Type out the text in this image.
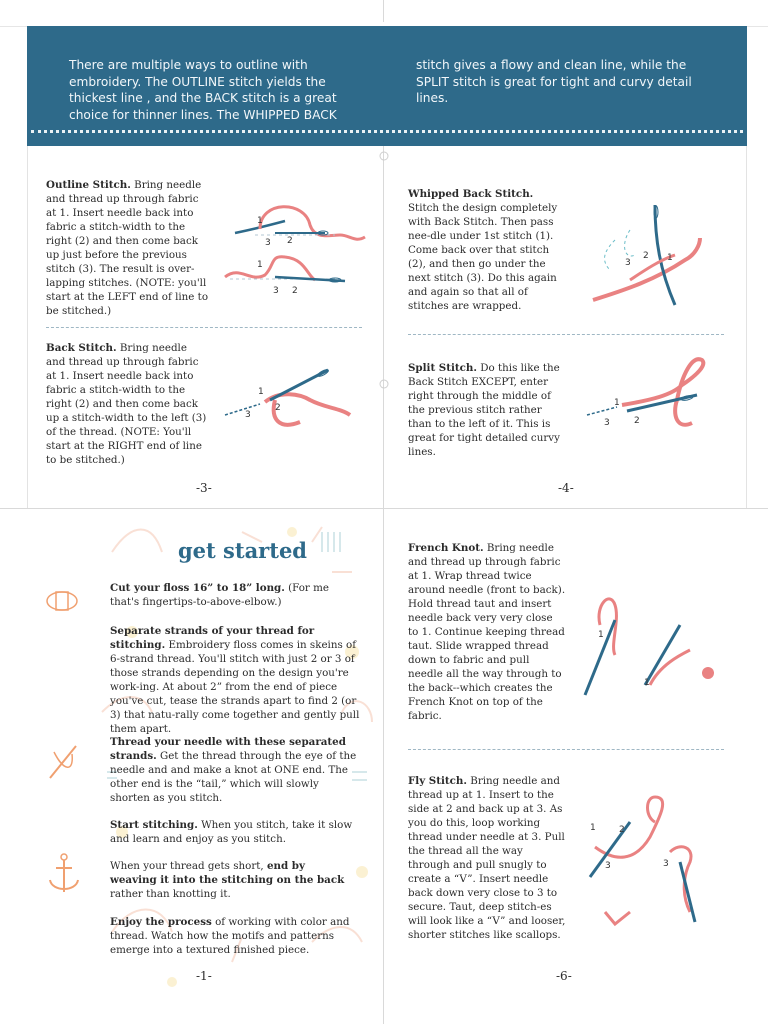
There are multiple ways to outline with embroidery. The OUTLINE stitch yields the thickest line , and the BACK stitch is a great choice for thinner lines. The WHIPPED BACK

stitch gives a flowy and clean line, while the SPLIT stitch is great for tight and curvy detail lines.

Outline Stitch. Bring needle and thread up through fabric at 1. Insert needle back into fabric a stitch-width to the right (2) and then come back up just before the previous stitch (3). The result is over-lapping stitches. (NOTE: you'll start at the LEFT end of line to be stitched.)

1
3 2
1
3 2

Back Stitch. Bring needle and thread up through fabric at 1. Insert needle back into fabric a stitch-width to the right (2) and then come back up a stitch-width to the left (3) of the thread. (NOTE: You'll start at the RIGHT end of line to be stitched.)

1
3
2
-3-

Whipped Back Stitch. Stitch the design completely with Back Stitch. Then pass nee-dle under 1st stitch (1). Come back over that stitch (2), and then go under the next stitch (3). Do this again and again so that all of stitches are wrapped.

3
2 1

Split Stitch. Do this like the Back Stitch EXCEPT, enter right through the middle of the previous stitch rather than to the left of it. This is great for tight detailed curvy lines.

1
3	2
-4-
get started

Cut your floss 16” to 18” long. (For me that's fingertips-to-above-elbow.)

Separate strands of your thread for stitching. Embroidery floss comes in skeins of 6-strand thread. You'll stitch with just 2 or 3 of those strands depending on the design you're work-ing. At about 2” from the end of piece you've cut, tease the strands apart to find 2 (or 3) that natu-rally come together and gently pull them apart.

Thread your needle with these separated strands. Get the thread through the eye of the needle and and make a knot at ONE end. The other end is the “tail,” which will slowly shorten as you stitch.

Start stitching. When you stitch, take it slow and learn and enjoy as you stitch.

When your thread gets short, end by weaving it into the stitching on the back rather than knotting it.

Enjoy the process of working with color and thread. Watch how the motifs and patterns emerge into a textured finished piece.

-1-

French Knot. Bring needle and thread up through fabric at 1. Wrap thread twice around needle (front to back). Hold thread taut and insert needle back very very close to 1. Continue keeping thread taut. Slide wrapped thread down to fabric and pull needle all the way through to the back--which creates the French Knot on top of the fabric.

1
1

Fly Stitch. Bring needle and thread up at 1. Insert to the side at 2 and back up at 3. As you do this, loop working thread under needle at 3. Pull the thread all the way through and pull snugly to create a “V”. Insert needle back down very close to 3 to secure. Taut, deep stitch-es will look like a “V” and looser, shorter stitches like scallops.

1	2
3	3
-6-
